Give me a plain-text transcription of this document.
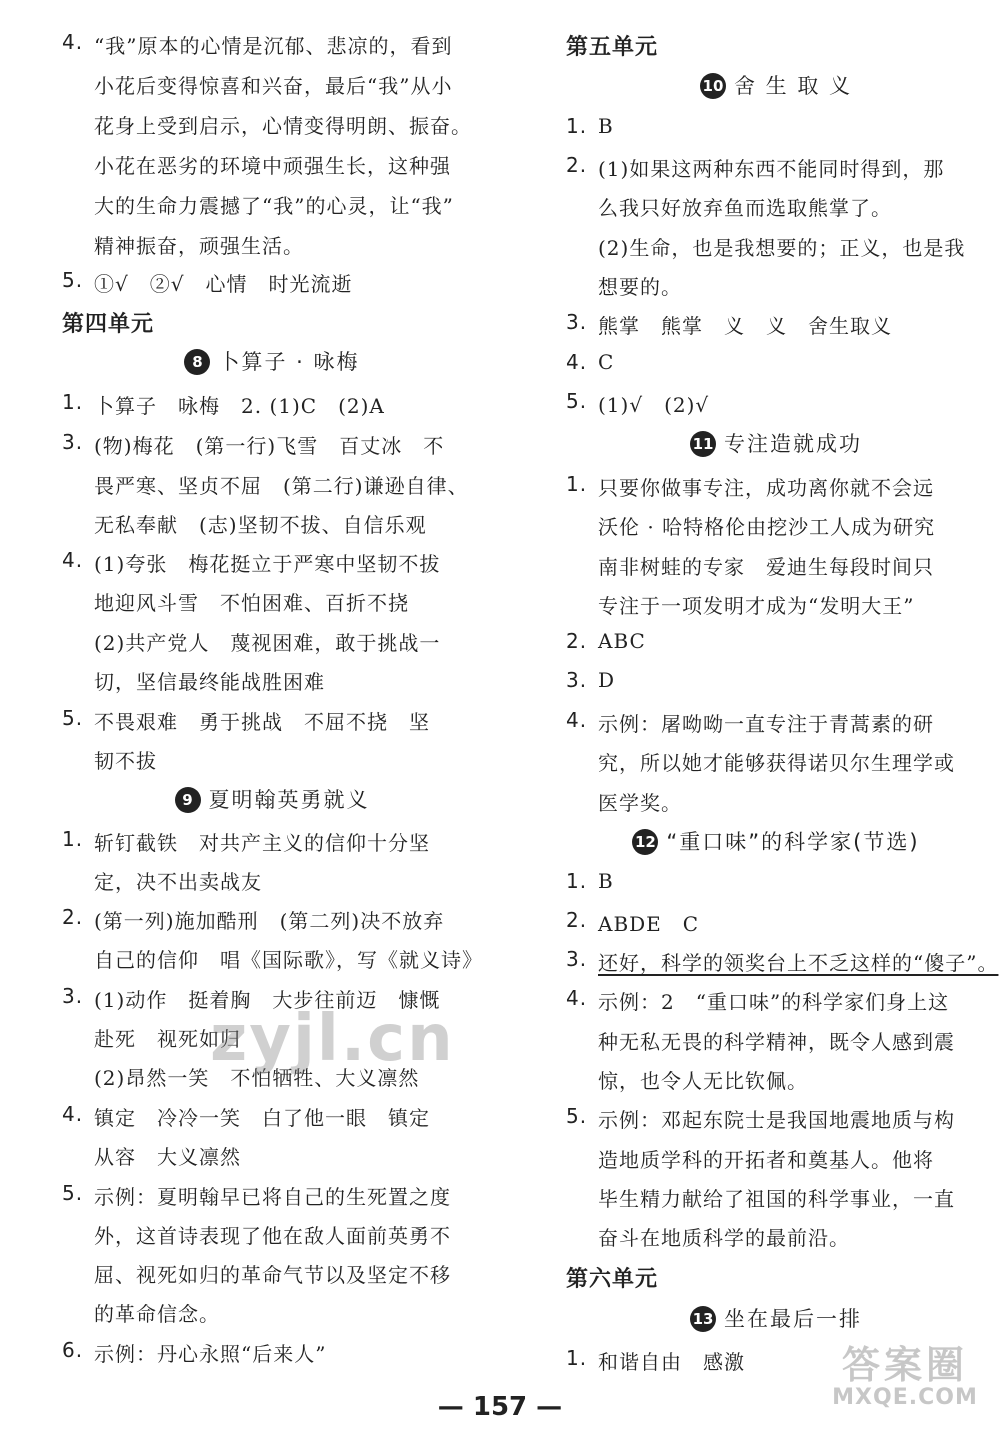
4. “我”原本的心情是沉郁、悲凉的，看到
小花后变得惊喜和兴奋，最后“我”从小
花身上受到启示，心情变得明朗、振奋。
小花在恶劣的环境中顽强生长，这种强
大的生命力震撼了“我”的心灵，让“我”
精神振奋，顽强生活。
5. ①√　②√　心情　时光流逝
第四单元
8 卜算子 · 咏梅
1. 卜算子　咏梅　2. (1)C　(2)A
3. (物)梅花　(第一行)飞雪　百丈冰　不
畏严寒、坚贞不屈　(第二行)谦逊自律、
无私奉献　(志)坚韧不拔、自信乐观
4. (1)夸张　梅花挺立于严寒中坚韧不拔
地迎风斗雪　不怕困难、百折不挠
(2)共产党人　蔑视困难，敢于挑战一
切，坚信最终能战胜困难
5. 不畏艰难　勇于挑战　不屈不挠　坚
韧不拔
9 夏明翰英勇就义
1. 斩钉截铁　对共产主义的信仰十分坚
定，决不出卖战友
2. (第一列)施加酷刑　(第二列)决不放弃
自己的信仰　唱《国际歌》，写《就义诗》
3. (1)动作　挺着胸　大步往前迈　慷慨
赴死　视死如归
(2)昂然一笑　不怕牺牲、大义凛然
4. 镇定　冷冷一笑　白了他一眼　镇定
从容　大义凛然
5. 示例：夏明翰早已将自己的生死置之度
外，这首诗表现了他在敌人面前英勇不
屈、视死如归的革命气节以及坚定不移
的革命信念。
6. 示例：丹心永照“后来人”
第五单元
10 舍 生 取 义
1. B
2. (1)如果这两种东西不能同时得到，那
么我只好放弃鱼而选取熊掌了。
(2)生命，也是我想要的；正义，也是我
想要的。
3. 熊掌　熊掌　义　义　舍生取义
4. C
5. (1)√　(2)√
11 专注造就成功
1. 只要你做事专注，成功离你就不会远
沃伦 · 哈特格伦由挖沙工人成为研究
南非树蛙的专家　爱迪生每段时间只
专注于一项发明才成为“发明大王”
2. ABC
3. D
4. 示例：屠呦呦一直专注于青蒿素的研
究，所以她才能够获得诺贝尔生理学或
医学奖。
12 “重口味”的科学家(节选)
1. B
2. ABDE　C
3. 还好，科学的领奖台上不乏这样的“傻子”。
4. 示例：2　“重口味”的科学家们身上这
种无私无畏的科学精神，既令人感到震
惊，也令人无比钦佩。
5. 示例：邓起东院士是我国地震地质与构
造地质学科的开拓者和奠基人。他将
毕生精力献给了祖国的科学事业，一直
奋斗在地质科学的最前沿。
第六单元
13 坐在最后一排
1. 和谐自由　感激
zyjl.cn
答案圈
MXQE.COM
— 157 —
